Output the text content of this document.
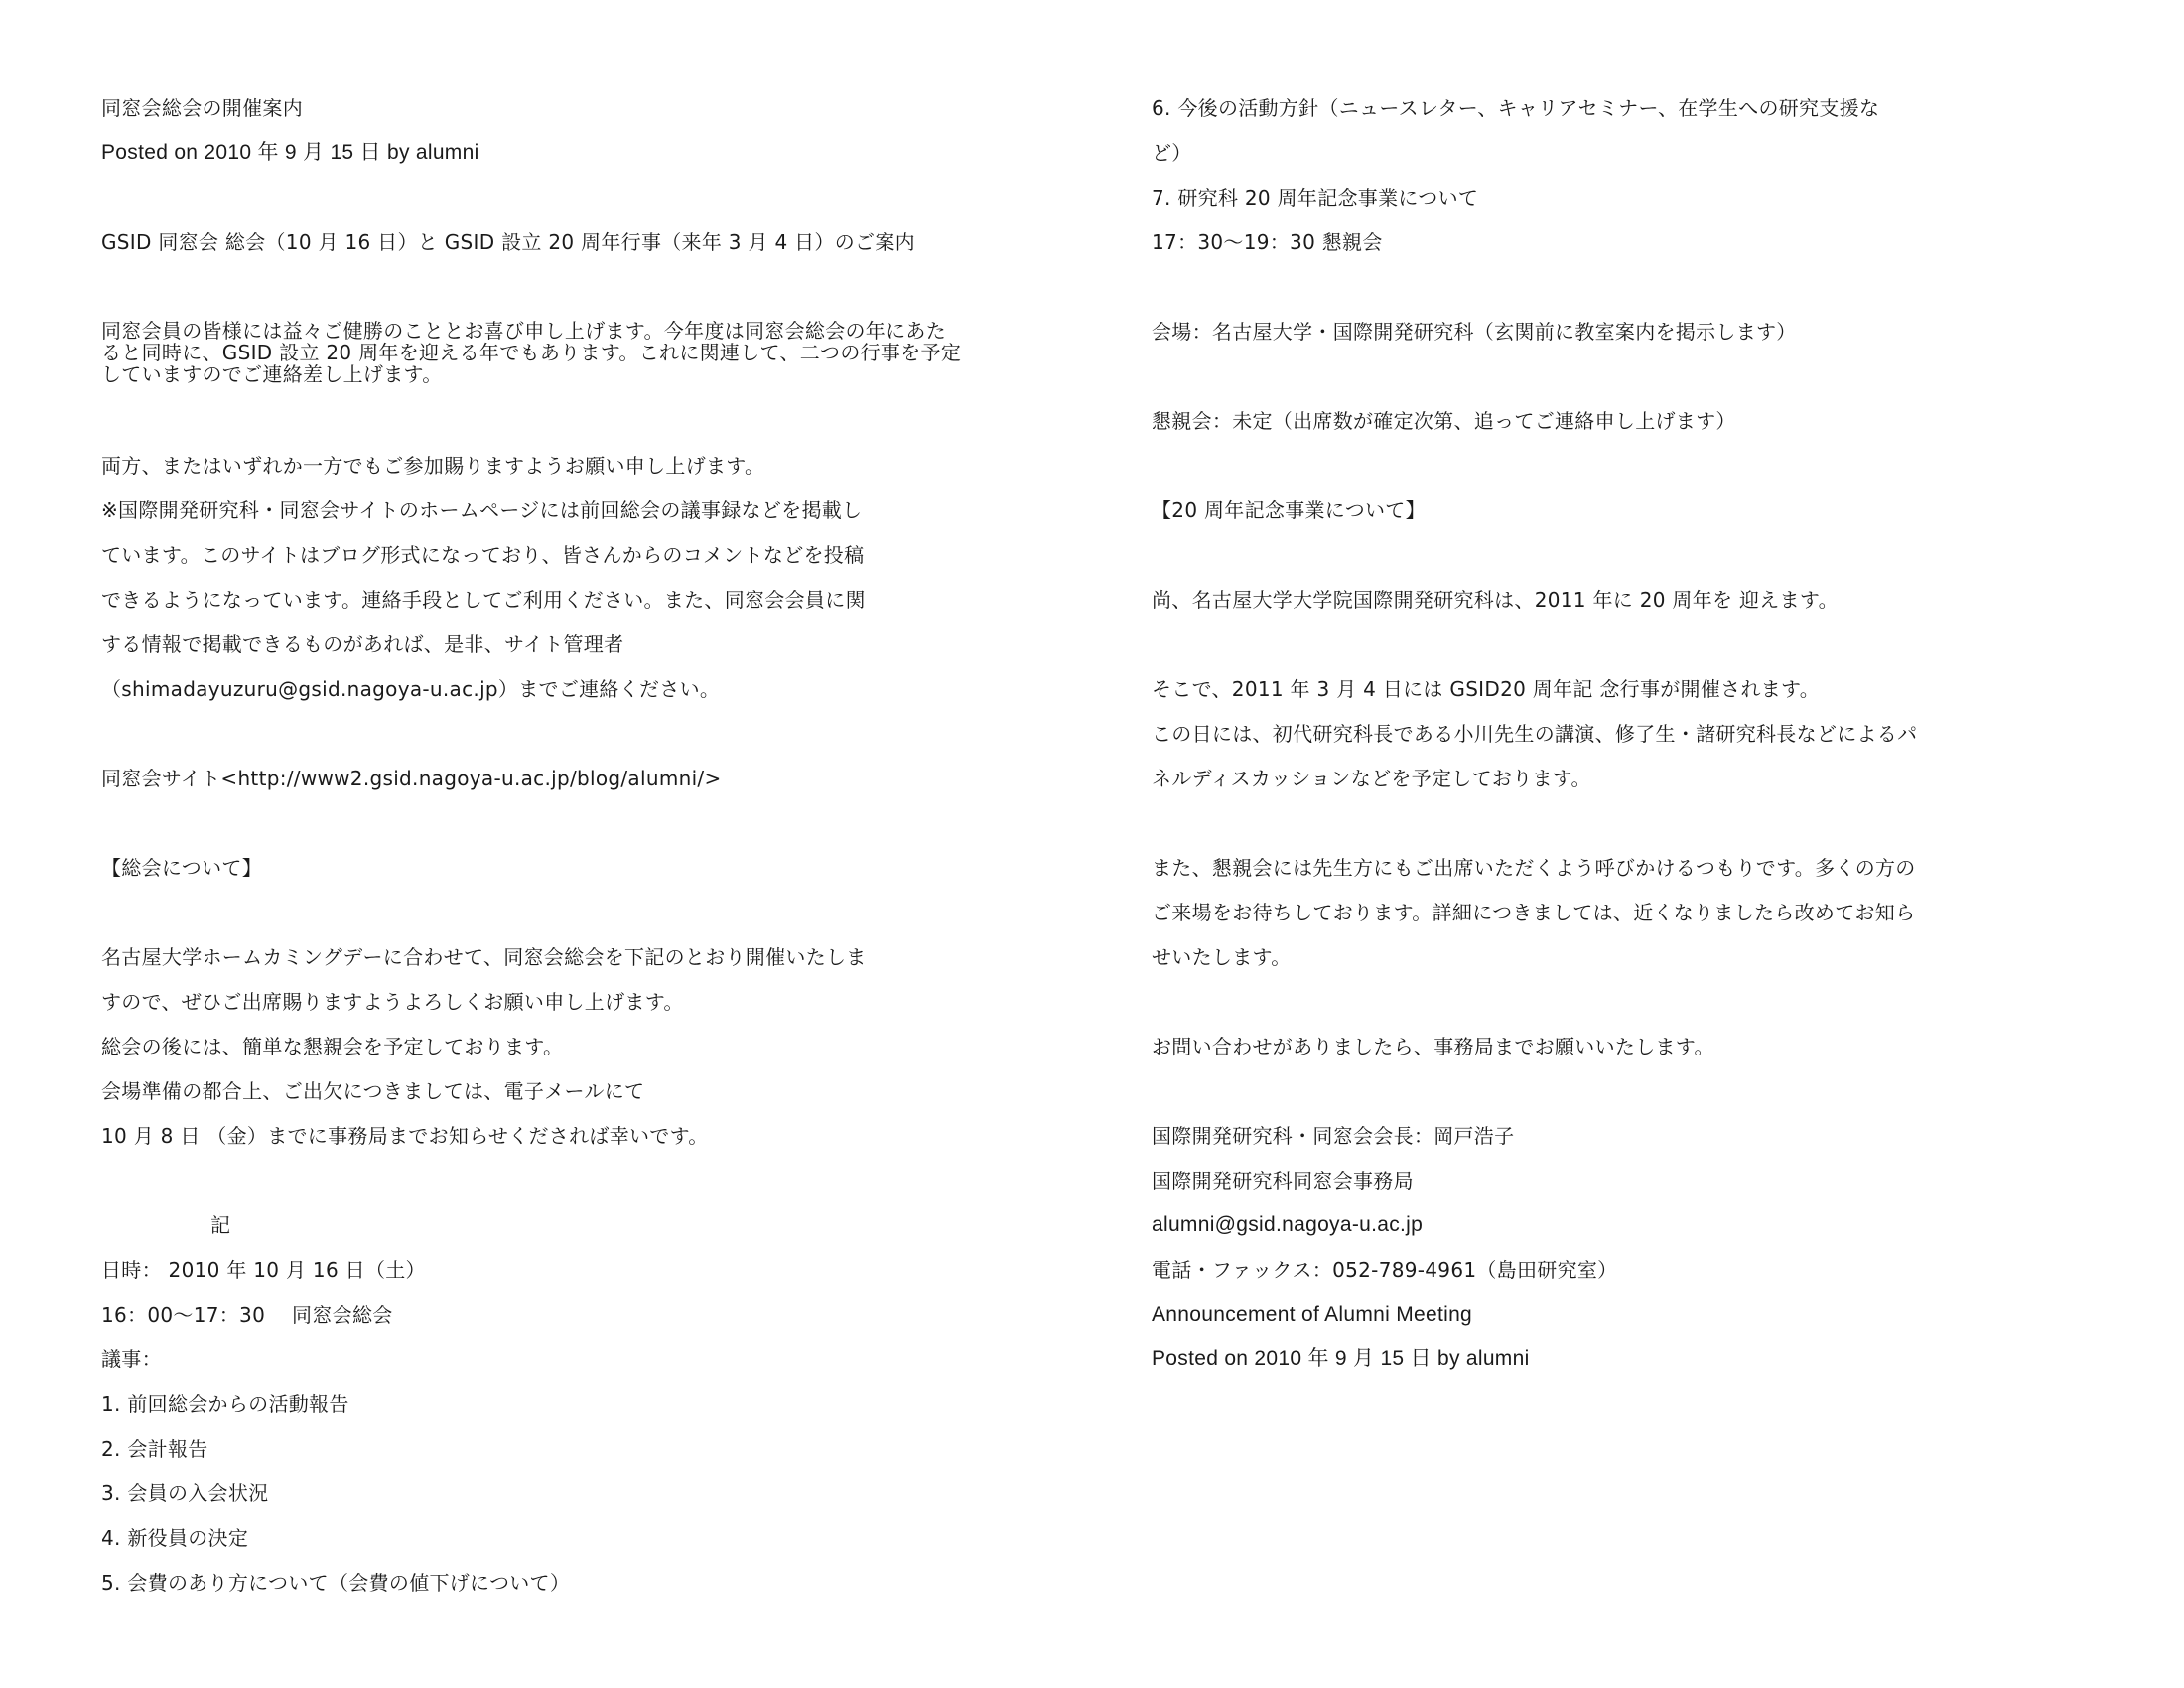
同窓会総会の開催案内
Posted on 2010 年 9 月 15 日 by alumni
GSID 同窓会 総会（10 月 16 日）と GSID 設立 20 周年行事（来年 3 月 4 日）のご案内
同窓会員の皆様には益々ご健勝のこととお喜び申し上げます。今年度は同窓会総会の年にあた
ると同時に、GSID 設立 20 周年を迎える年でもあります。これに関連して、二つの行事を予定
していますのでご連絡差し上げます。
両方、またはいずれか一方でもご参加賜りますようお願い申し上げます。
※国際開発研究科・同窓会サイトのホームページには前回総会の議事録などを掲載し
ています。このサイトはブログ形式になっており、皆さんからのコメントなどを投稿
できるようになっています。連絡手段としてご利用ください。また、同窓会会員に関
する情報で掲載できるものがあれば、是非、サイト管理者
（shimadayuzuru@gsid.nagoya-u.ac.jp）までご連絡ください。
同窓会サイト<http://www2.gsid.nagoya-u.ac.jp/blog/alumni/>
【総会について】
名古屋大学ホームカミングデーに合わせて、同窓会総会を下記のとおり開催いたしま
すので、ぜひご出席賜りますようよろしくお願い申し上げます。
総会の後には、簡単な懇親会を予定しております。
会場準備の都合上、ご出欠につきましては、電子メールにて
10 月 8 日 （金）までに事務局までお知らせくだされば幸いです。
記
日時： 2010 年 10 月 16 日（土）
16：00～17：30　 同窓会総会
議事：
1. 前回総会からの活動報告
2. 会計報告
3. 会員の入会状況
4. 新役員の決定
5. 会費のあり方について（会費の値下げについて）
6. 今後の活動方針（ニュースレター、キャリアセミナー、在学生への研究支援な
ど）
7. 研究科 20 周年記念事業について
17：30～19：30 懇親会
会場：名古屋大学・国際開発研究科（玄関前に教室案内を掲示します）
懇親会：未定（出席数が確定次第、追ってご連絡申し上げます）
【20 周年記念事業について】
尚、名古屋大学大学院国際開発研究科は、2011 年に 20 周年を 迎えます。
そこで、2011 年 3 月 4 日には GSID20 周年記 念行事が開催されます。
この日には、初代研究科長である小川先生の講演、修了生・諸研究科長などによるパ
ネルディスカッションなどを予定しております。
また、懇親会には先生方にもご出席いただくよう呼びかけるつもりです。多くの方の
ご来場をお待ちしております。詳細につきましては、近くなりましたら改めてお知ら
せいたします。
お問い合わせがありましたら、事務局までお願いいたします。
国際開発研究科・同窓会会長：岡戸浩子
国際開発研究科同窓会事務局
alumni@gsid.nagoya-u.ac.jp
電話・ファックス：052-789-4961（島田研究室）
Announcement of Alumni Meeting
Posted on 2010 年 9 月 15 日 by alumni
